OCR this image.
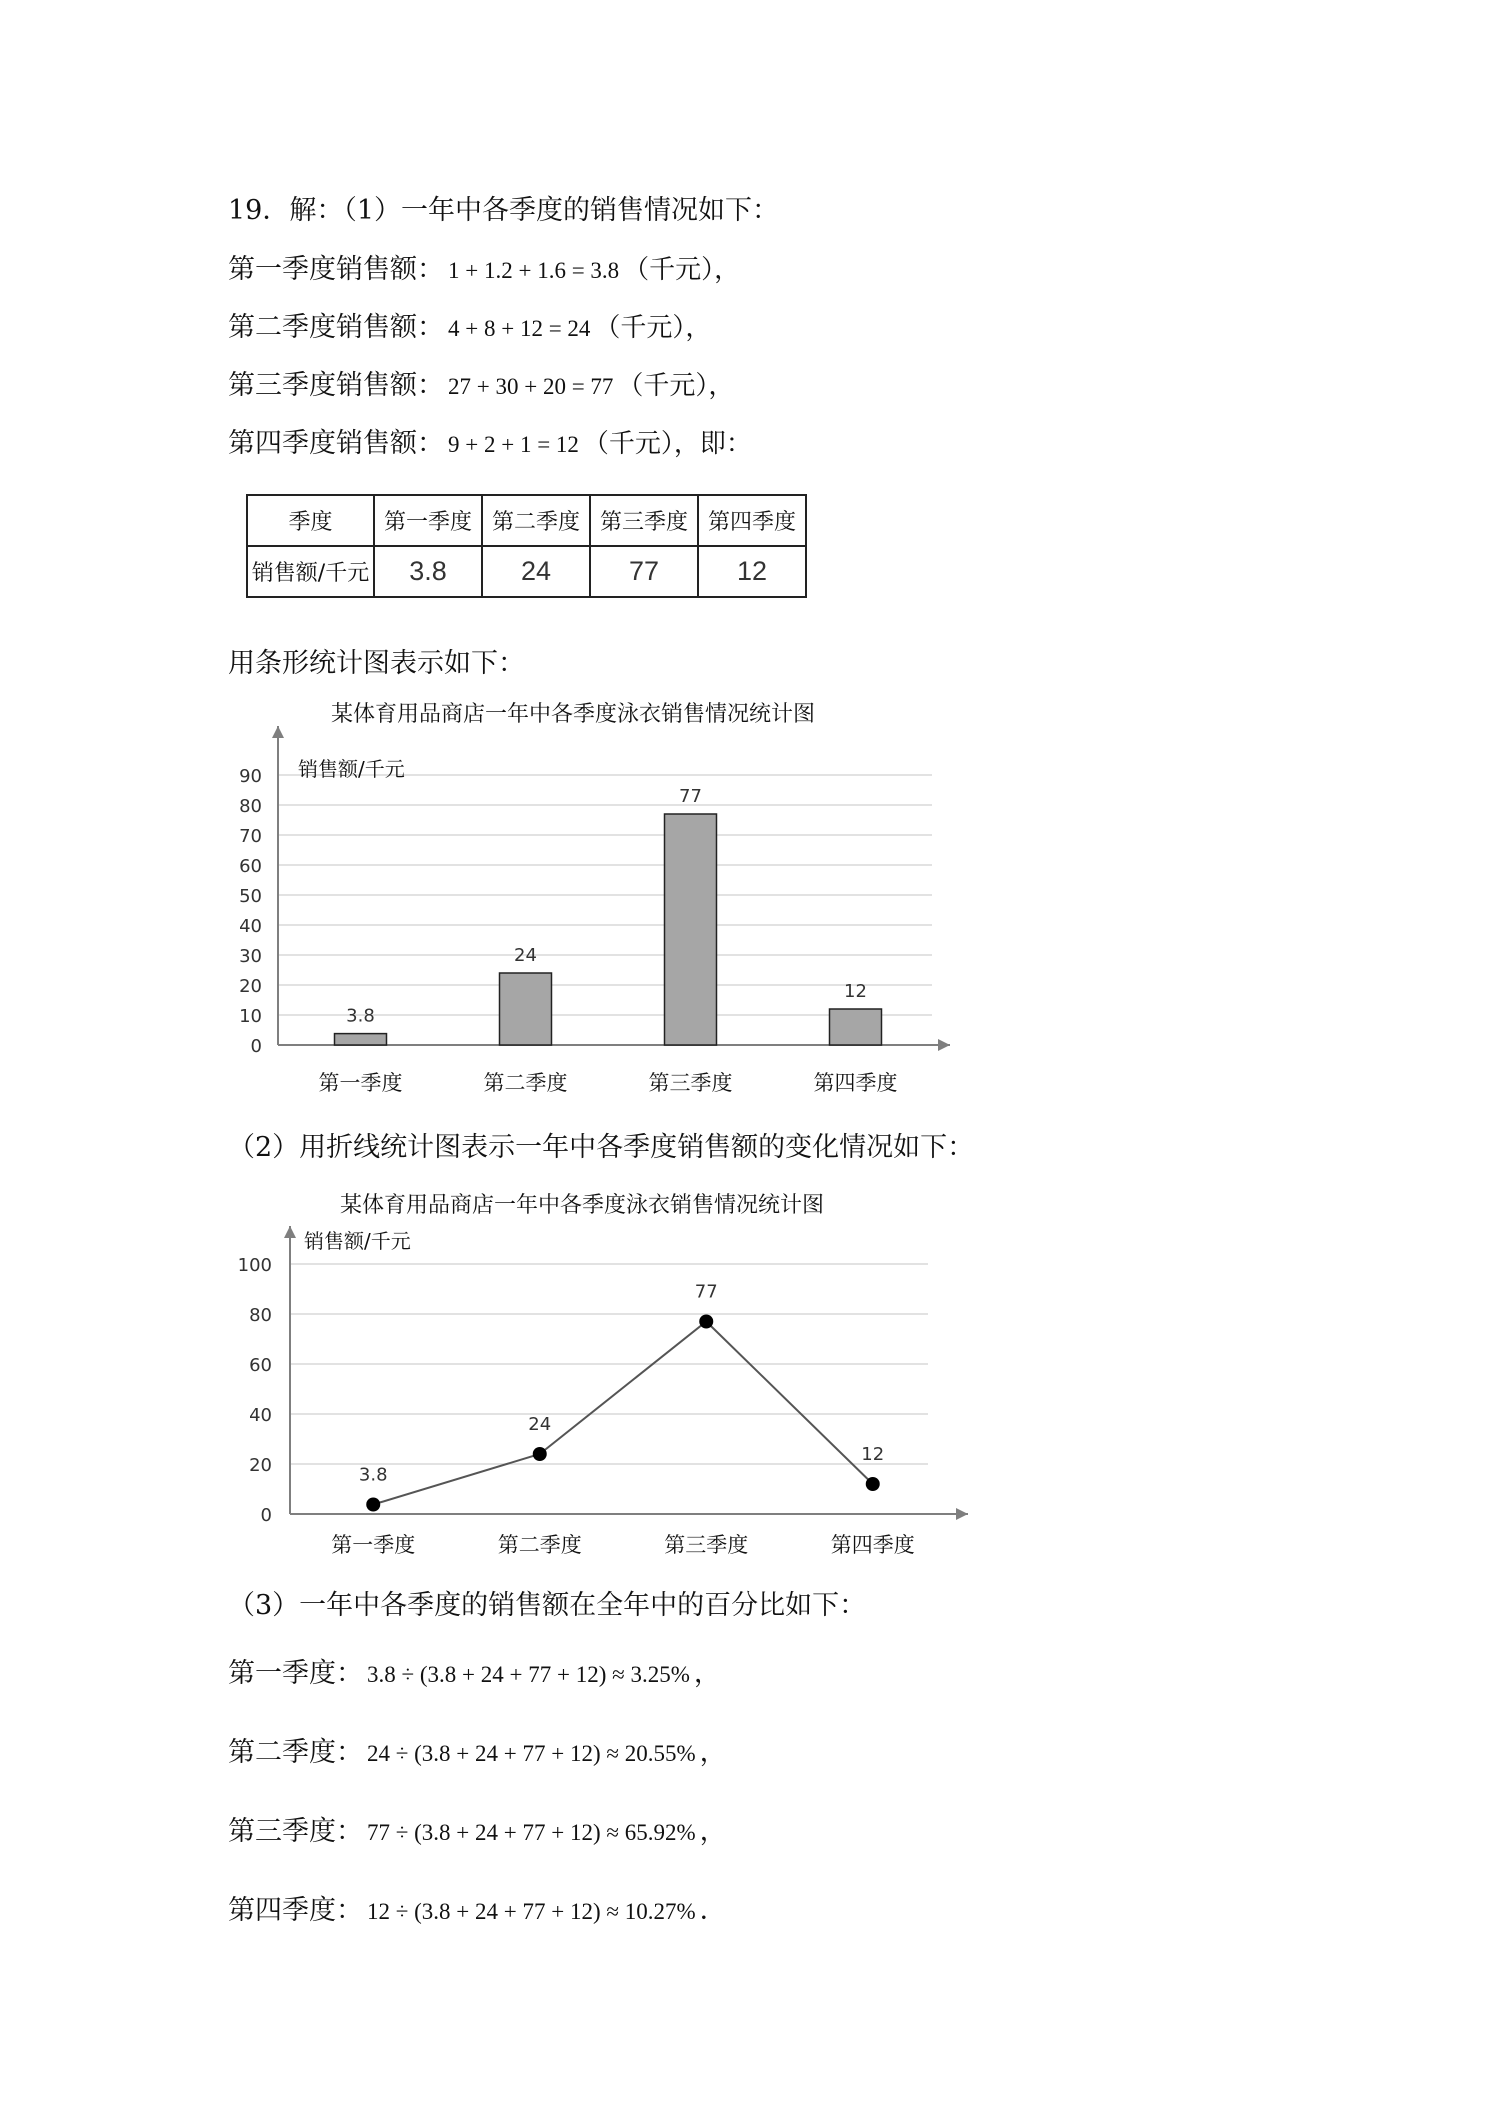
19．解：（1）一年中各季度的销售情况如下：
第一季度销售额： 1 + 1.2 + 1.6 = 3.8 （千元），
第二季度销售额： 4 + 8 + 12 = 24 （千元），
第三季度销售额： 27 + 30 + 20 = 77 （千元），
第四季度销售额： 9 + 2 + 1 = 12 （千元），即：
季度	第一季度	第二季度	第三季度	第四季度
销售额/千元	3.8	24	77	12
用条形统计图表示如下：
某体育用品商店一年中各季度泳衣销售情况统计图
0
10
20
30
40
50
60
70
80
90 销售额/千元
第一季度	第二季度	第三季度	第四季度
3.8
24
77
12
（2）用折线统计图表示一年中各季度销售额的变化情况如下：
某体育用品商店一年中各季度泳衣销售情况统计图
0
20
40
60
80
100
销售额/千元
第一季度	第二季度	第三季度	第四季度
3.8
24
77
12
（3）一年中各季度的销售额在全年中的百分比如下：
第一季度： 3.8 ÷ (3.8 + 24 + 77 + 12) ≈ 3.25% ，
第二季度： 24 ÷ (3.8 + 24 + 77 + 12) ≈ 20.55% ，
第三季度： 77 ÷ (3.8 + 24 + 77 + 12) ≈ 65.92% ，
第四季度： 12 ÷ (3.8 + 24 + 77 + 12) ≈ 10.27% ．
